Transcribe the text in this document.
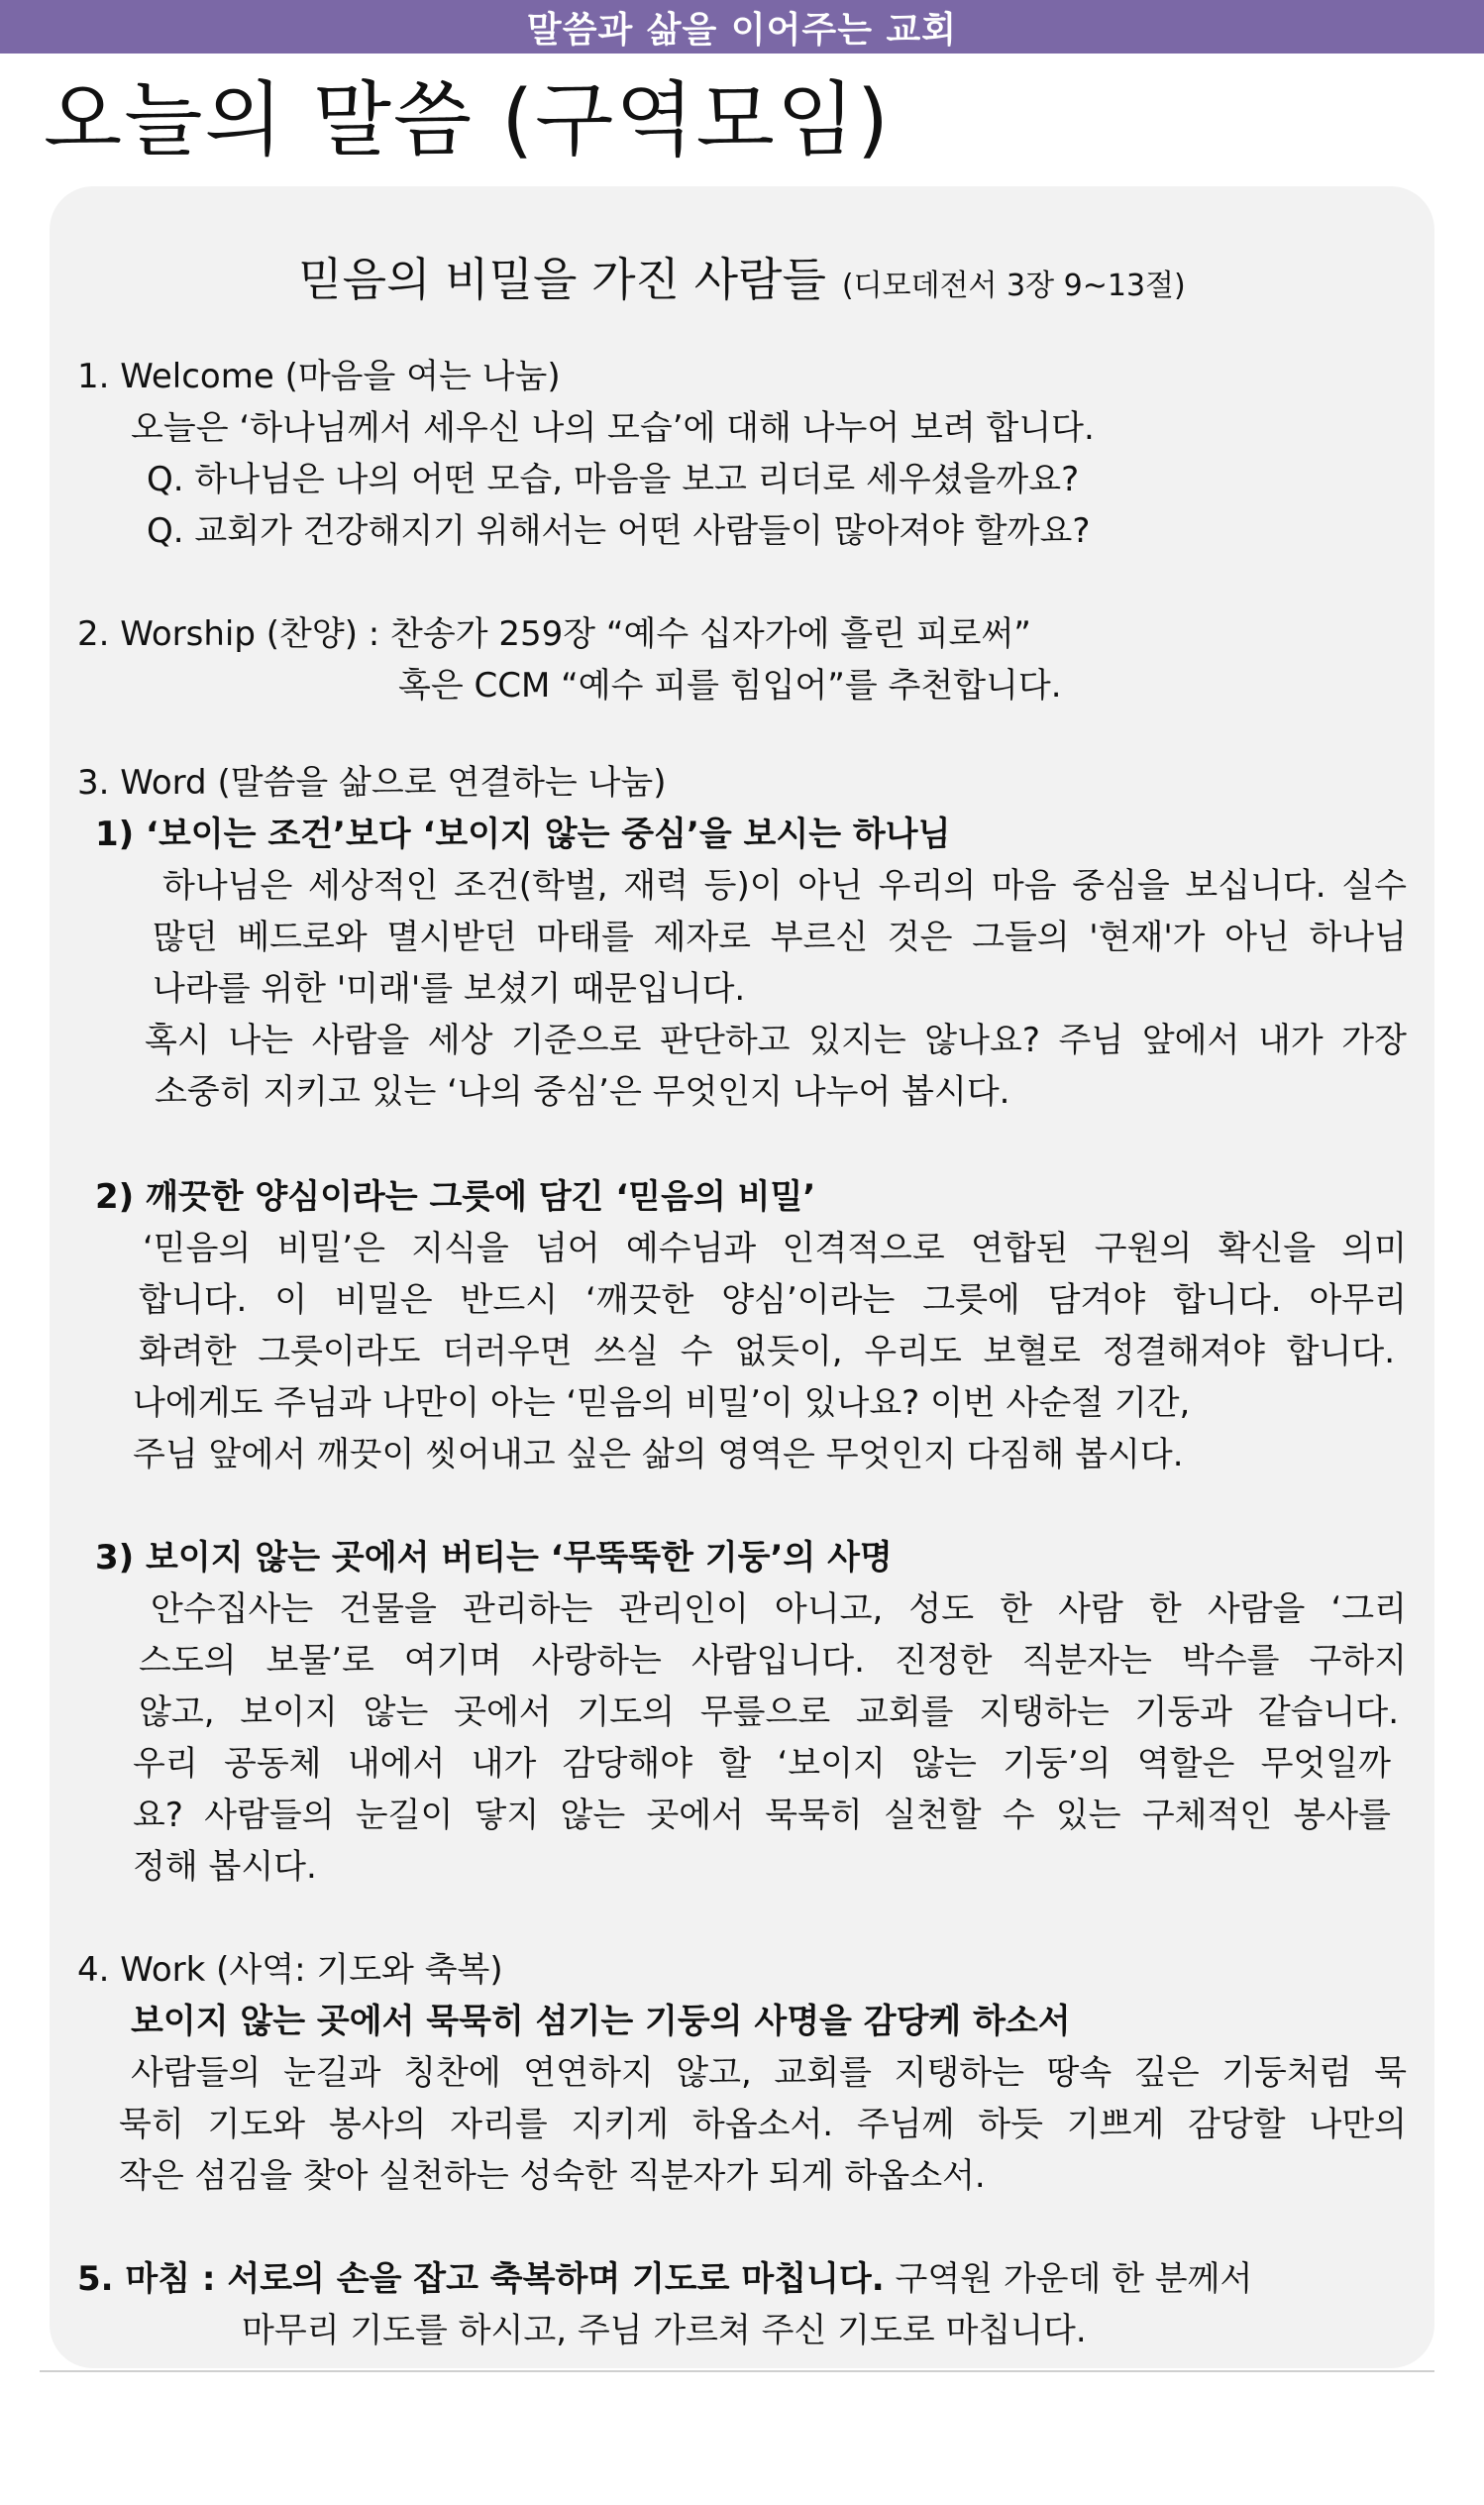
말씀과 삶을 이어주는 교회
오늘의 말씀 (구역모임)
믿음의 비밀을 가진 사람들 (디모데전서 3장 9~13절)
1. Welcome (마음을 여는 나눔)
오늘은 ‘하나님께서 세우신 나의 모습’에 대해 나누어 보려 합니다.
Q. 하나님은 나의 어떤 모습, 마음을 보고 리더로 세우셨을까요?
Q. 교회가 건강해지기 위해서는 어떤 사람들이 많아져야 할까요?
2. Worship (찬양) : 찬송가 259장 “예수 십자가에 흘린 피로써”
혹은 CCM “예수 피를 힘입어”를 추천합니다.
3. Word (말씀을 삶으로 연결하는 나눔)
1) ‘보이는 조건’보다 ‘보이지 않는 중심’을 보시는 하나님
하나님은 세상적인 조건(학벌, 재력 등)이 아닌 우리의 마음 중심을 보십니다. 실수
많던 베드로와 멸시받던 마태를 제자로 부르신 것은 그들의 '현재'가 아닌 하나님
나라를 위한 '미래'를 보셨기 때문입니다.
혹시 나는 사람을 세상 기준으로 판단하고 있지는 않나요? 주님 앞에서 내가 가장
소중히 지키고 있는 ‘나의 중심’은 무엇인지 나누어 봅시다.
2) 깨끗한 양심이라는 그릇에 담긴 ‘믿음의 비밀’
‘믿음의 비밀’은 지식을 넘어 예수님과 인격적으로 연합된 구원의 확신을 의미
합니다. 이 비밀은 반드시 ‘깨끗한 양심’이라는 그릇에 담겨야 합니다. 아무리
화려한 그릇이라도 더러우면 쓰실 수 없듯이, 우리도 보혈로 정결해져야 합니다.
나에게도 주님과 나만이 아는 ‘믿음의 비밀’이 있나요? 이번 사순절 기간,
주님 앞에서 깨끗이 씻어내고 싶은 삶의 영역은 무엇인지 다짐해 봅시다.
3) 보이지 않는 곳에서 버티는 ‘무뚝뚝한 기둥’의 사명
안수집사는 건물을 관리하는 관리인이 아니고, 성도 한 사람 한 사람을 ‘그리
스도의 보물’로 여기며 사랑하는 사람입니다. 진정한 직분자는 박수를 구하지
않고, 보이지 않는 곳에서 기도의 무릎으로 교회를 지탱하는 기둥과 같습니다.
우리 공동체 내에서 내가 감당해야 할 ‘보이지 않는 기둥’의 역할은 무엇일까
요? 사람들의 눈길이 닿지 않는 곳에서 묵묵히 실천할 수 있는 구체적인 봉사를
정해 봅시다.
4. Work (사역: 기도와 축복)
보이지 않는 곳에서 묵묵히 섬기는 기둥의 사명을 감당케 하소서
사람들의 눈길과 칭찬에 연연하지 않고, 교회를 지탱하는 땅속 깊은 기둥처럼 묵
묵히 기도와 봉사의 자리를 지키게 하옵소서. 주님께 하듯 기쁘게 감당할 나만의
작은 섬김을 찾아 실천하는 성숙한 직분자가 되게 하옵소서.
5. 마침 : 서로의 손을 잡고 축복하며 기도로 마칩니다. 구역원 가운데 한 분께서
마무리 기도를 하시고, 주님 가르쳐 주신 기도로 마칩니다.
